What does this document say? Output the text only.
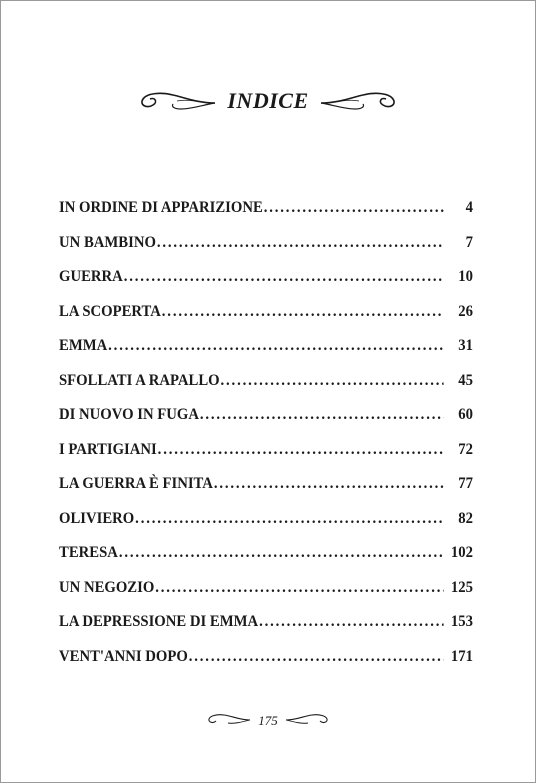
INDICE
IN ORDINE DI APPARIZIONE . . .	4
UN BAMBINO . . .	7
GUERRA . . .	10
LA SCOPERTA . . .	26
EMMA . . .	31
SFOLLATI A RAPALLO . . .	45
DI NUOVO IN FUGA . . .	60
I PARTIGIANI . . .	72
LA GUERRA È FINITA . . .	77
OLIVIERO . . .	82
TERESA . . .	102
UN NEGOZIO . . .	125
LA DEPRESSIONE DI EMMA . . .	153
VENT'ANNI DOPO . . .	171
175
